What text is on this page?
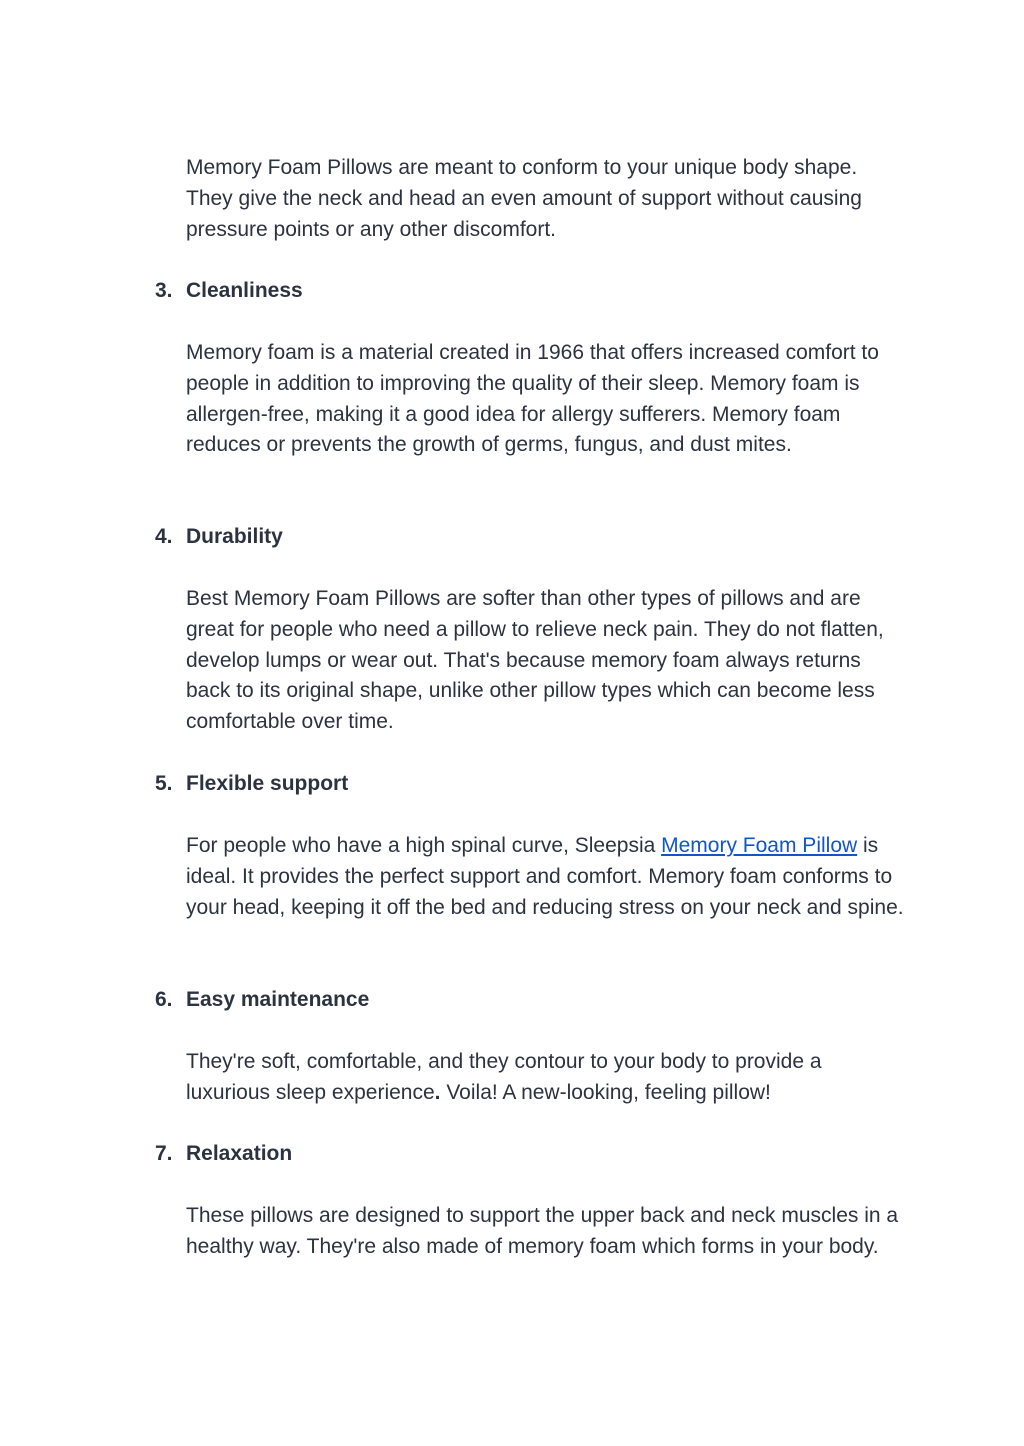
Memory Foam Pillows are meant to conform to your unique body shape. They give the neck and head an even amount of support without causing pressure points or any other discomfort.

3. Cleanliness

Memory foam is a material created in 1966 that offers increased comfort to people in addition to improving the quality of their sleep. Memory foam is allergen-free, making it a good idea for allergy sufferers. Memory foam reduces or prevents the growth of germs, fungus, and dust mites.

4. Durability

Best Memory Foam Pillows are softer than other types of pillows and are great for people who need a pillow to relieve neck pain. They do not flatten, develop lumps or wear out. That's because memory foam always returns back to its original shape, unlike other pillow types which can become less comfortable over time.

5. Flexible support

For people who have a high spinal curve, Sleepsia Memory Foam Pillow is ideal. It provides the perfect support and comfort. Memory foam conforms to your head, keeping it off the bed and reducing stress on your neck and spine.

6. Easy maintenance

They're soft, comfortable, and they contour to your body to provide a luxurious sleep experience. Voila! A new-looking, feeling pillow!

7. Relaxation

These pillows are designed to support the upper back and neck muscles in a healthy way. They're also made of memory foam which forms in your body.
